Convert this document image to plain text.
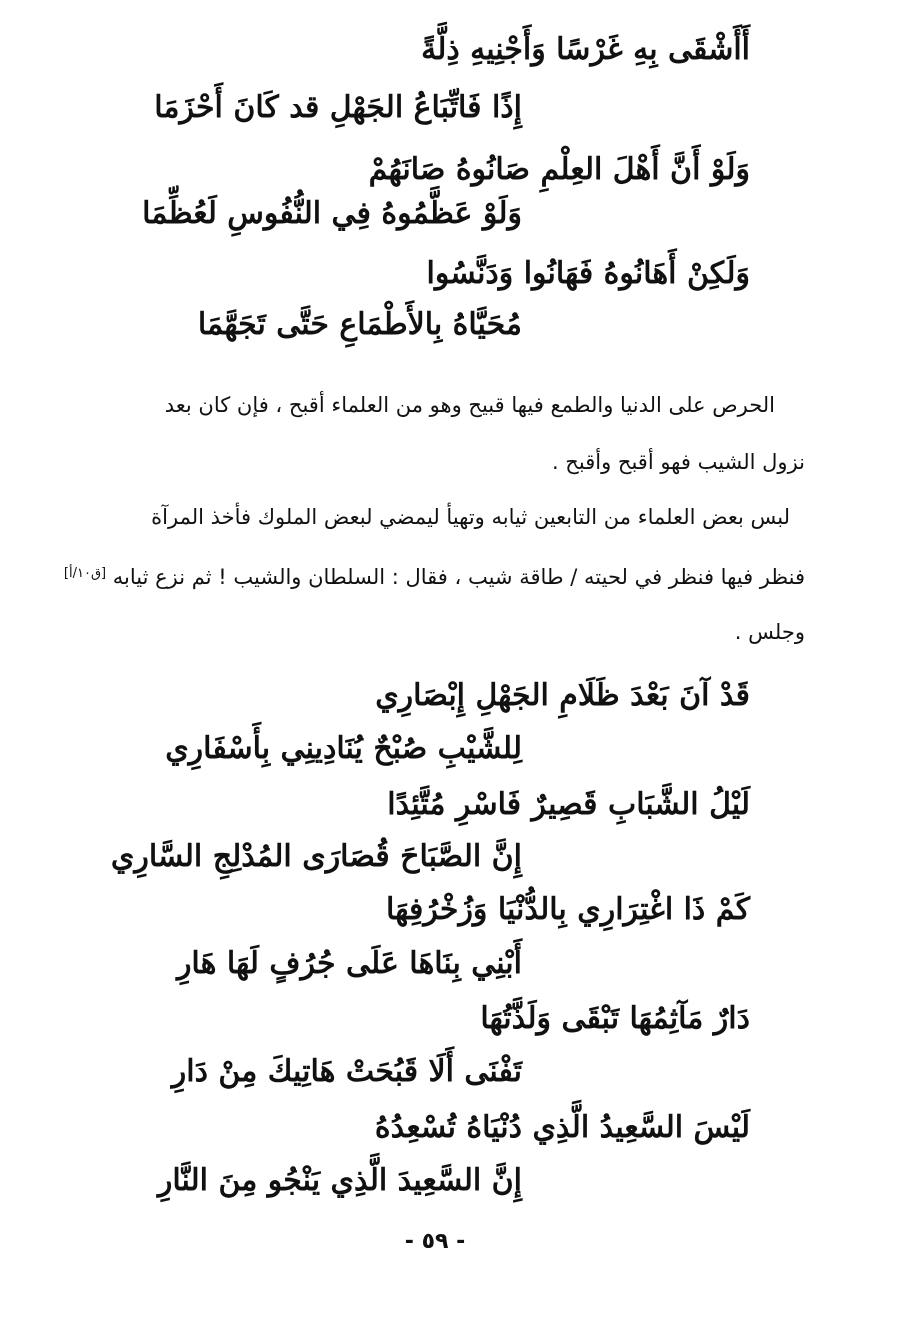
أَأَشْقَى بِهِ غَرْسًا وَأَجْنِيهِ ذِلَّةً
إِذًا فَاتِّبَاعُ الجَهْلِ قد كَانَ أَحْزَمَا
وَلَوْ أَنَّ أَهْلَ العِلْمِ صَانُوهُ صَانَهُمْ
وَلَوْ عَظَّمُوهُ فِي النُّفُوسِ لَعُظِّمَا
وَلَكِنْ أَهَانُوهُ فَهَانُوا وَدَنَّسُوا
مُحَيَّاهُ بِالأَطْمَاعِ حَتَّى تَجَهَّمَا
الحرص على الدنيا والطمع فيها قبيح وهو من العلماء أقبح ، فإن كان بعد
نزول الشيب فهو أقبح وأقبح .
لبس بعض العلماء من التابعين ثيابه وتهيأ ليمضي لبعض الملوك فأخذ المرآة
فنظر فيها فنظر في لحيته / طاقة شيب ، فقال : السلطان والشيب ! ثم نزع ثيابه [ق١٠/أ]
وجلس .
قَدْ آنَ بَعْدَ ظَلَامِ الجَهْلِ إِبْصَارِي
لِلشَّيْبِ صُبْحٌ يُنَادِينِي بِأَسْفَارِي
لَيْلُ الشَّبَابِ قَصِيرٌ فَاسْرِ مُتَّئِدًا
إِنَّ الصَّبَاحَ قُصَارَى المُدْلِجِ السَّارِي
كَمْ ذَا اغْتِرَارِي بِالدُّنْيَا وَزُخْرُفِهَا
أَبْنِي بِنَاهَا عَلَى جُرُفٍ لَهَا هَارِ
دَارٌ مَآثِمُهَا تَبْقَى وَلَذَّتُهَا
تَفْنَى أَلَا قَبُحَتْ هَاتِيكَ مِنْ دَارِ
لَيْسَ السَّعِيدُ الَّذِي دُنْيَاهُ تُسْعِدُهُ
إِنَّ السَّعِيدَ الَّذِي يَنْجُو مِنَ النَّارِ
- ٥٩ -
